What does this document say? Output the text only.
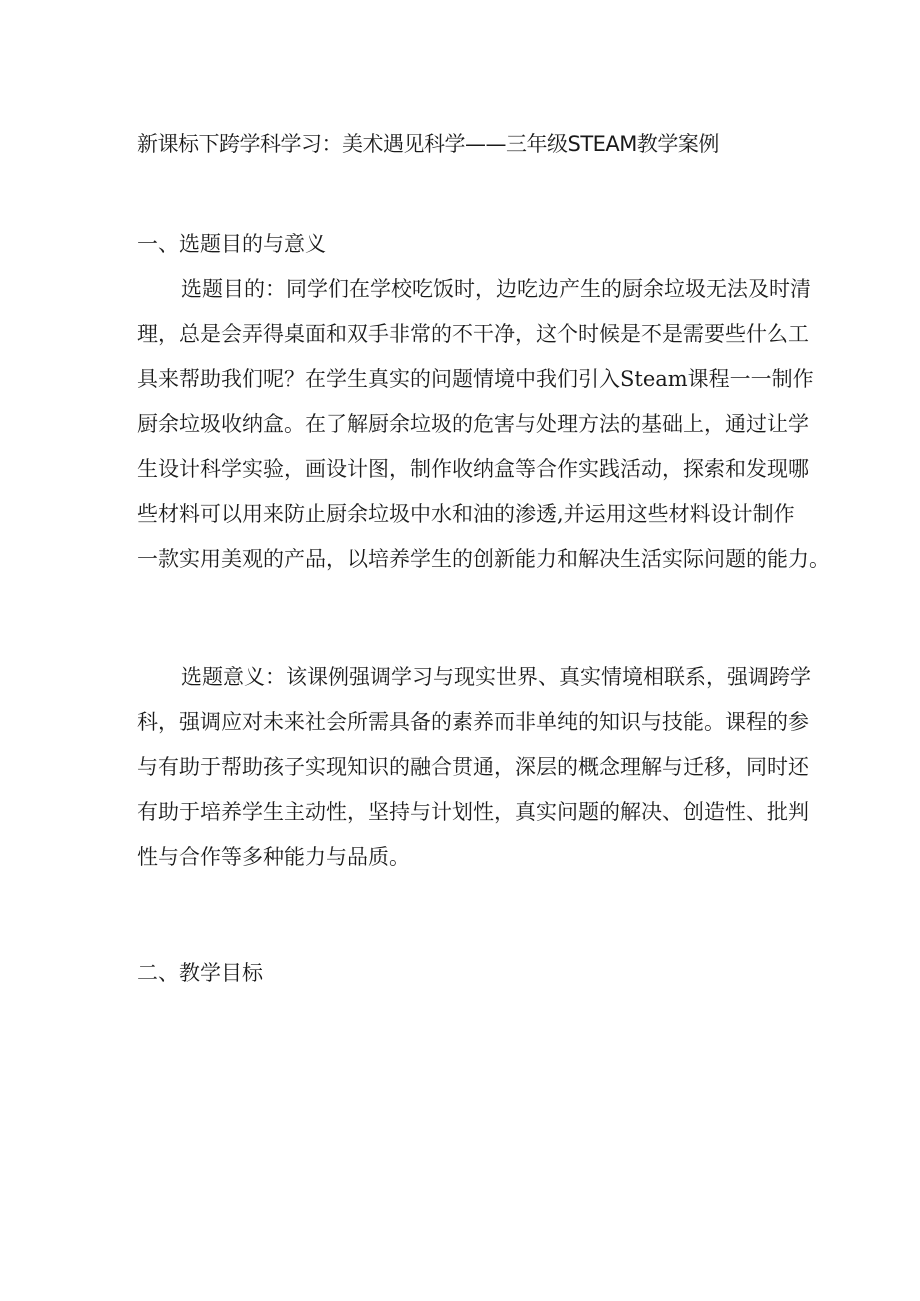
新课标下跨学科学习：美术遇见科学——三年级STEAM教学案例
一、选题目的与意义
选题目的：同学们在学校吃饭时，边吃边产生的厨余垃圾无法及时清
理，总是会弄得桌面和双手非常的不干净，这个时候是不是需要些什么工
具来帮助我们呢？在学生真实的问题情境中我们引入Steam课程一一制作
厨余垃圾收纳盒。在了解厨余垃圾的危害与处理方法的基础上，通过让学
生设计科学实验，画设计图，制作收纳盒等合作实践活动，探索和发现哪
些材料可以用来防止厨余垃圾中水和油的渗透,并运用这些材料设计制作
一款实用美观的产品，以培养学生的创新能力和解决生活实际问题的能力。
选题意义：该课例强调学习与现实世界、真实情境相联系，强调跨学
科，强调应对未来社会所需具备的素养而非单纯的知识与技能。课程的参
与有助于帮助孩子实现知识的融合贯通，深层的概念理解与迁移，同时还
有助于培养学生主动性，坚持与计划性，真实问题的解决、创造性、批判
性与合作等多种能力与品质。
二、教学目标
